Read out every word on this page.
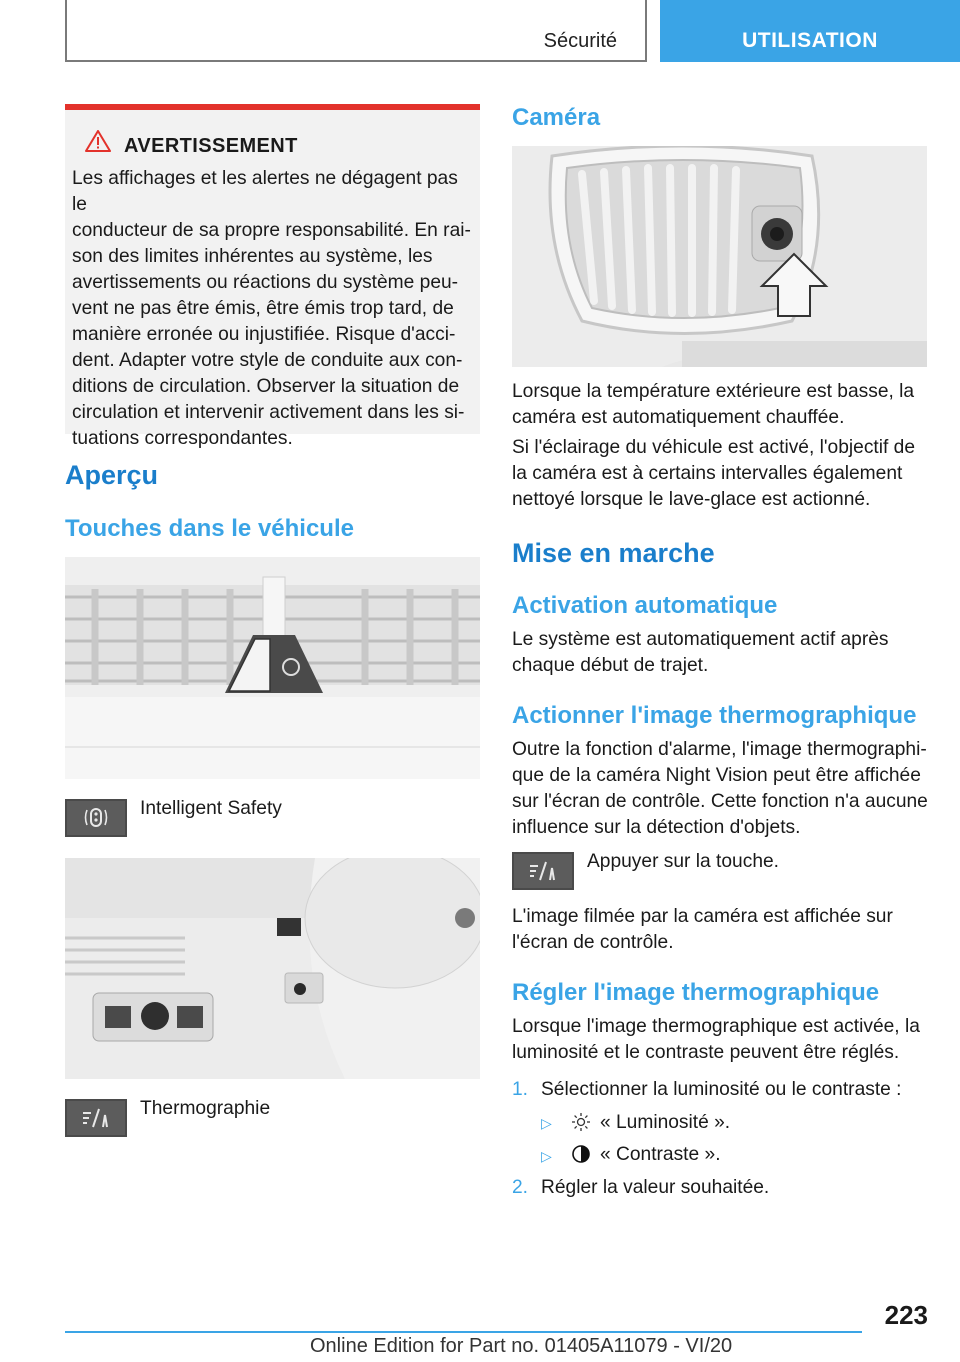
Sécurité	UTILISATION
AVERTISSEMENT
Les affichages et les alertes ne dégagent pas le
conducteur de sa propre responsabilité. En rai-
son des limites inhérentes au système, les
avertissements ou réactions du système peu-
vent ne pas être émis, être émis trop tard, de
manière erronée ou injustifiée. Risque d'acci-
dent. Adapter votre style de conduite aux con-
ditions de circulation. Observer la situation de
circulation et intervenir activement dans les si-
tuations correspondantes.
Aperçu
Touches dans le véhicule
Intelligent Safety
Thermographie
Caméra
Lorsque la température extérieure est basse, la
caméra est automatiquement chauffée.
Si l'éclairage du véhicule est activé, l'objectif de
la caméra est à certains intervalles également
nettoyé lorsque le lave-glace est actionné.
Mise en marche
Activation automatique
Le système est automatiquement actif après
chaque début de trajet.
Actionner l'image thermographique
Outre la fonction d'alarme, l'image thermographi-
que de la caméra Night Vision peut être affichée
sur l'écran de contrôle. Cette fonction n'a aucune
influence sur la détection d'objets.
Appuyer sur la touche.
L'image filmée par la caméra est affichée sur
l'écran de contrôle.
Régler l'image thermographique
Lorsque l'image thermographique est activée, la
luminosité et le contraste peuvent être réglés.
1. Sélectionner la luminosité ou le contraste :
▷	« Luminosité ».
▷	« Contraste ».
2. Régler la valeur souhaitée.
223
Online Edition for Part no. 01405A11079 - VI/20
